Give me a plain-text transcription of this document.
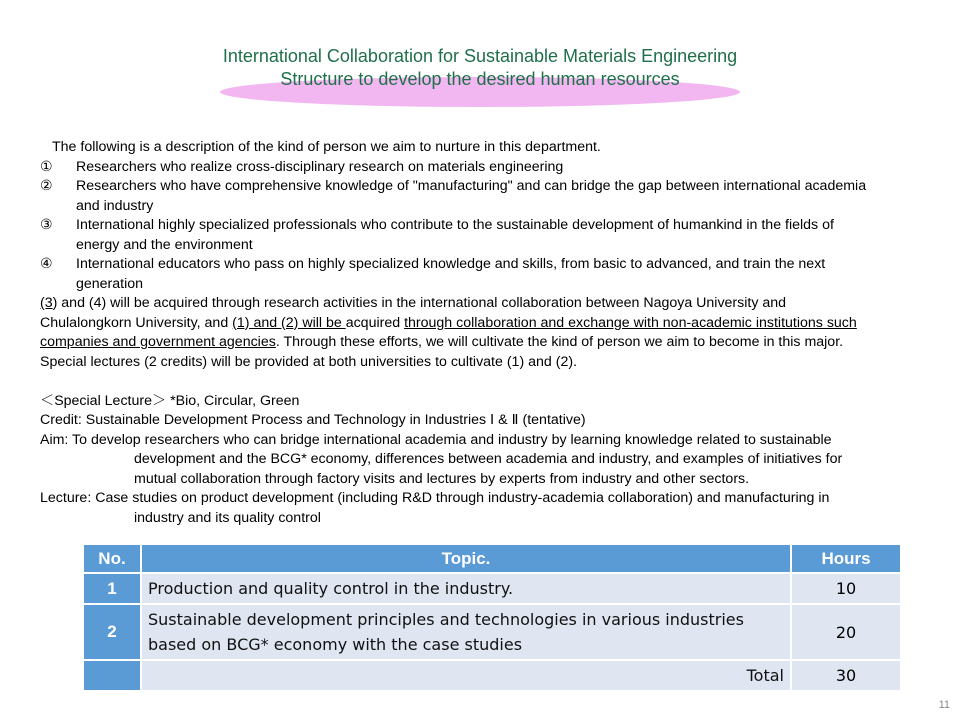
International Collaboration for Sustainable Materials Engineering
Structure to develop the desired human resources
The following is a description of the kind of person we aim to nurture in this department.
① Researchers who realize cross-disciplinary research on materials engineering
② Researchers who have comprehensive knowledge of "manufacturing" and can bridge the gap between international academia
and industry
③ International highly specialized professionals who contribute to the sustainable development of humankind in the fields of
energy and the environment
④ International educators who pass on highly specialized knowledge and skills, from basic to advanced, and train the next
generation
(3) and (4) will be acquired through research activities in the international collaboration between Nagoya University and
Chulalongkorn University, and (1) and (2) will be acquired through collaboration and exchange with non-academic institutions such
companies and government agencies. Through these efforts, we will cultivate the kind of person we aim to become in this major.
Special lectures (2 credits) will be provided at both universities to cultivate (1) and (2).
＜Special Lecture＞ *Bio, Circular, Green
Credit: Sustainable Development Process and Technology in Industries Ⅰ & Ⅱ (tentative)
Aim: To develop researchers who can bridge international academia and industry by learning knowledge related to sustainable
development and the BCG* economy, differences between academia and industry, and examples of initiatives for
mutual collaboration through factory visits and lectures by experts from industry and other sectors.
Lecture: Case studies on product development (including R&D through industry-academia collaboration) and manufacturing in
industry and its quality control
No.	Topic.	Hours
1	Production and quality control in the industry.	10
2	Sustainable development principles and technologies in various industries
based on BCG* economy with the case studies	20
	Total	30
11
